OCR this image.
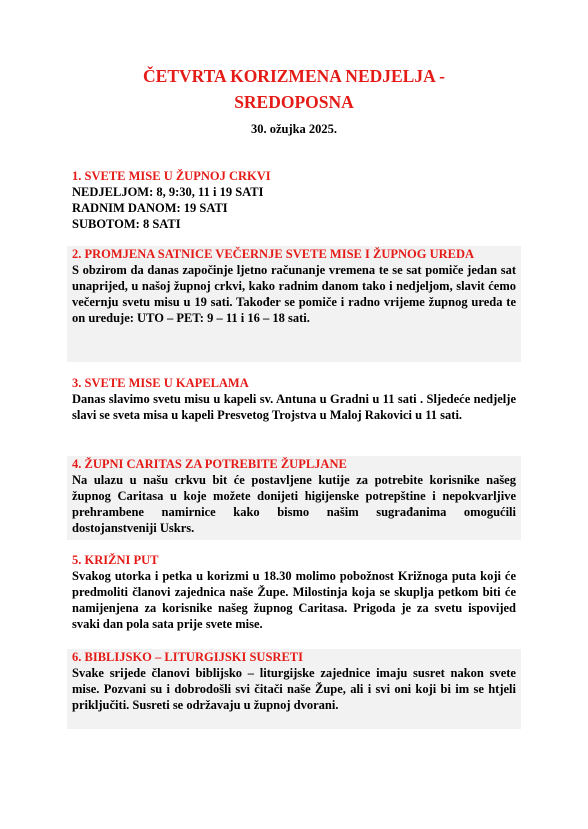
ČETVRTA KORIZMENA NEDJELJA -
SREDOPOSNA
30. ožujka 2025.
1. SVETE MISE U ŽUPNOJ CRKVI
NEDJELJOM: 8, 9:30, 11 i 19 SATI
RADNIM DANOM: 19 SATI
SUBOTOM: 8 SATI
2. PROMJENA SATNICE VEČERNJE SVETE MISE I ŽUPNOG UREDA
S obzirom da danas započinje ljetno računanje vremena te se sat pomiče jedan sat unaprijed, u našoj župnoj crkvi, kako radnim danom tako i nedjeljom, slavit ćemo večernju svetu misu u 19 sati. Također se pomiče i radno vrijeme župnog ureda te on ureduje: UTO – PET: 9 – 11 i 16 – 18 sati.
3. SVETE MISE U KAPELAMA
Danas slavimo svetu misu u kapeli sv. Antuna u Gradni u 11 sati . Sljedeće nedjelje slavi se sveta misa u kapeli Presvetog Trojstva u Maloj Rakovici u 11 sati.
4. ŽUPNI CARITAS ZA POTREBITE ŽUPLJANE
Na ulazu u našu crkvu bit će postavljene kutije za potrebite korisnike našeg župnog Caritasa u koje možete donijeti higijenske potrepštine i nepokvarljive prehrambene namirnice kako bismo našim sugrađanima omogućili dostojanstveniji Uskrs.
5. KRIŽNI PUT
Svakog utorka i petka u korizmi u 18.30 molimo pobožnost Križnoga puta koji će predmoliti članovi zajednica naše Župe. Milostinja koja se skuplja petkom biti će namijenjena za korisnike našeg župnog Caritasa. Prigoda je za svetu ispovijed svaki dan pola sata prije svete mise.
6. BIBLIJSKO – LITURGIJSKI SUSRETI
Svake srijede članovi biblijsko – liturgijske zajednice imaju susret nakon svete mise. Pozvani su i dobrodošli svi čitači naše Župe, ali i svi oni koji bi im se htjeli priključiti. Susreti se održavaju u župnoj dvorani.
